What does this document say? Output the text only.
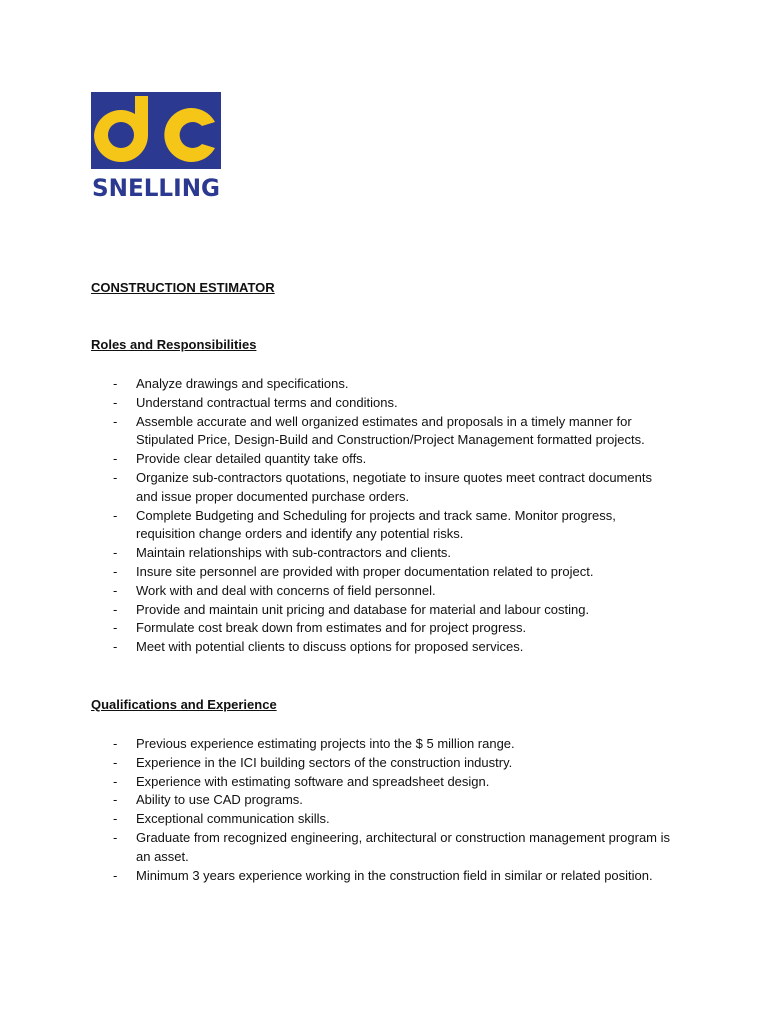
SNELLING
CONSTRUCTION ESTIMATOR
Roles and Responsibilities
- Analyze drawings and specifications.
- Understand contractual terms and conditions.
- Assemble accurate and well organized estimates and proposals in a timely manner for Stipulated Price, Design-Build and Construction/Project Management formatted projects.
- Provide clear detailed quantity take offs.
- Organize sub-contractors quotations, negotiate to insure quotes meet contract documents and issue proper documented purchase orders.
- Complete Budgeting and Scheduling for projects and track same. Monitor progress, requisition change orders and identify any potential risks.
- Maintain relationships with sub-contractors and clients.
- Insure site personnel are provided with proper documentation related to project.
- Work with and deal with concerns of field personnel.
- Provide and maintain unit pricing and database for material and labour costing.
- Formulate cost break down from estimates and for project progress.
- Meet with potential clients to discuss options for proposed services.
Qualifications and Experience
- Previous experience estimating projects into the $ 5 million range.
- Experience in the ICI building sectors of the construction industry.
- Experience with estimating software and spreadsheet design.
- Ability to use CAD programs.
- Exceptional communication skills.
- Graduate from recognized engineering, architectural or construction management program is an asset.
- Minimum 3 years experience working in the construction field in similar or related position.
